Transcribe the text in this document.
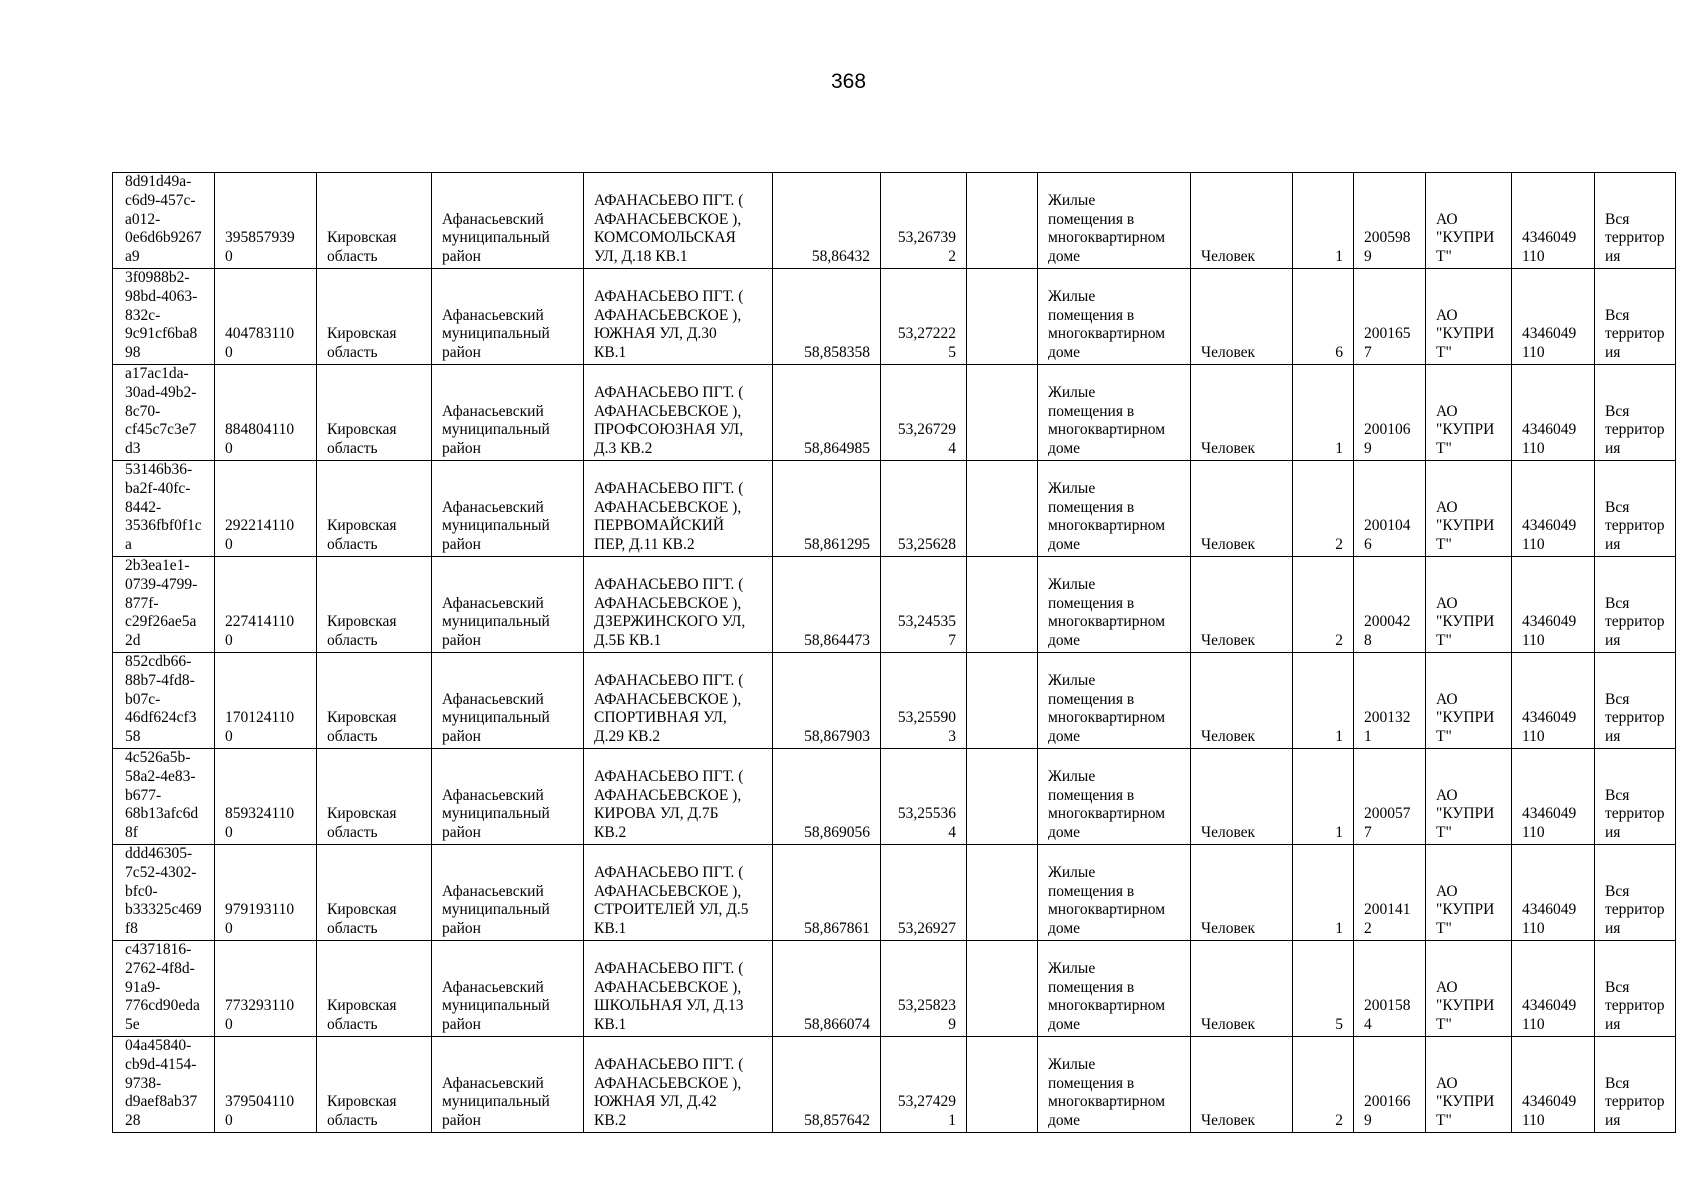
368
8d91d49a-
c6d9-457c-
a012-
0e6d6b9267
a9	395857939
0	Кировская
область	Афанасьевский
муниципальный
район	АФАНАСЬЕВО ПГТ. (
АФАНАСЬЕВСКОЕ ),
КОМСОМОЛЬСКАЯ
УЛ, Д.18 КВ.1	58,86432	53,26739
2		Жилые
помещения в
многоквартирном
доме	Человек	1	200598
9	АО
"КУПРИ
Т"	4346049
110	Вся
территор
ия
3f0988b2-
98bd-4063-
832c-
9c91cf6ba8
98	404783110
0	Кировская
область	Афанасьевский
муниципальный
район	АФАНАСЬЕВО ПГТ. (
АФАНАСЬЕВСКОЕ ),
ЮЖНАЯ УЛ, Д.30
КВ.1	58,858358	53,27222
5		Жилые
помещения в
многоквартирном
доме	Человек	6	200165
7	АО
"КУПРИ
Т"	4346049
110	Вся
территор
ия
a17ac1da-
30ad-49b2-
8c70-
cf45c7c3e7
d3	884804110
0	Кировская
область	Афанасьевский
муниципальный
район	АФАНАСЬЕВО ПГТ. (
АФАНАСЬЕВСКОЕ ),
ПРОФСОЮЗНАЯ УЛ,
Д.3 КВ.2	58,864985	53,26729
4		Жилые
помещения в
многоквартирном
доме	Человек	1	200106
9	АО
"КУПРИ
Т"	4346049
110	Вся
территор
ия
53146b36-
ba2f-40fc-
8442-
3536fbf0f1c
a	292214110
0	Кировская
область	Афанасьевский
муниципальный
район	АФАНАСЬЕВО ПГТ. (
АФАНАСЬЕВСКОЕ ),
ПЕРВОМАЙСКИЙ
ПЕР, Д.11 КВ.2	58,861295	53,25628		Жилые
помещения в
многоквартирном
доме	Человек	2	200104
6	АО
"КУПРИ
Т"	4346049
110	Вся
территор
ия
2b3ea1e1-
0739-4799-
877f-
c29f26ae5a
2d	227414110
0	Кировская
область	Афанасьевский
муниципальный
район	АФАНАСЬЕВО ПГТ. (
АФАНАСЬЕВСКОЕ ),
ДЗЕРЖИНСКОГО УЛ,
Д.5Б КВ.1	58,864473	53,24535
7		Жилые
помещения в
многоквартирном
доме	Человек	2	200042
8	АО
"КУПРИ
Т"	4346049
110	Вся
территор
ия
852cdb66-
88b7-4fd8-
b07c-
46df624cf3
58	170124110
0	Кировская
область	Афанасьевский
муниципальный
район	АФАНАСЬЕВО ПГТ. (
АФАНАСЬЕВСКОЕ ),
СПОРТИВНАЯ УЛ,
Д.29 КВ.2	58,867903	53,25590
3		Жилые
помещения в
многоквартирном
доме	Человек	1	200132
1	АО
"КУПРИ
Т"	4346049
110	Вся
территор
ия
4c526a5b-
58a2-4e83-
b677-
68b13afc6d
8f	859324110
0	Кировская
область	Афанасьевский
муниципальный
район	АФАНАСЬЕВО ПГТ. (
АФАНАСЬЕВСКОЕ ),
КИРОВА УЛ, Д.7Б
КВ.2	58,869056	53,25536
4		Жилые
помещения в
многоквартирном
доме	Человек	1	200057
7	АО
"КУПРИ
Т"	4346049
110	Вся
территор
ия
ddd46305-
7c52-4302-
bfc0-
b33325c469
f8	979193110
0	Кировская
область	Афанасьевский
муниципальный
район	АФАНАСЬЕВО ПГТ. (
АФАНАСЬЕВСКОЕ ),
СТРОИТЕЛЕЙ УЛ, Д.5
КВ.1	58,867861	53,26927		Жилые
помещения в
многоквартирном
доме	Человек	1	200141
2	АО
"КУПРИ
Т"	4346049
110	Вся
территор
ия
c4371816-
2762-4f8d-
91a9-
776cd90eda
5e	773293110
0	Кировская
область	Афанасьевский
муниципальный
район	АФАНАСЬЕВО ПГТ. (
АФАНАСЬЕВСКОЕ ),
ШКОЛЬНАЯ УЛ, Д.13
КВ.1	58,866074	53,25823
9		Жилые
помещения в
многоквартирном
доме	Человек	5	200158
4	АО
"КУПРИ
Т"	4346049
110	Вся
территор
ия
04a45840-
cb9d-4154-
9738-
d9aef8ab37
28	379504110
0	Кировская
область	Афанасьевский
муниципальный
район	АФАНАСЬЕВО ПГТ. (
АФАНАСЬЕВСКОЕ ),
ЮЖНАЯ УЛ, Д.42
КВ.2	58,857642	53,27429
1		Жилые
помещения в
многоквартирном
доме	Человек	2	200166
9	АО
"КУПРИ
Т"	4346049
110	Вся
территор
ия
